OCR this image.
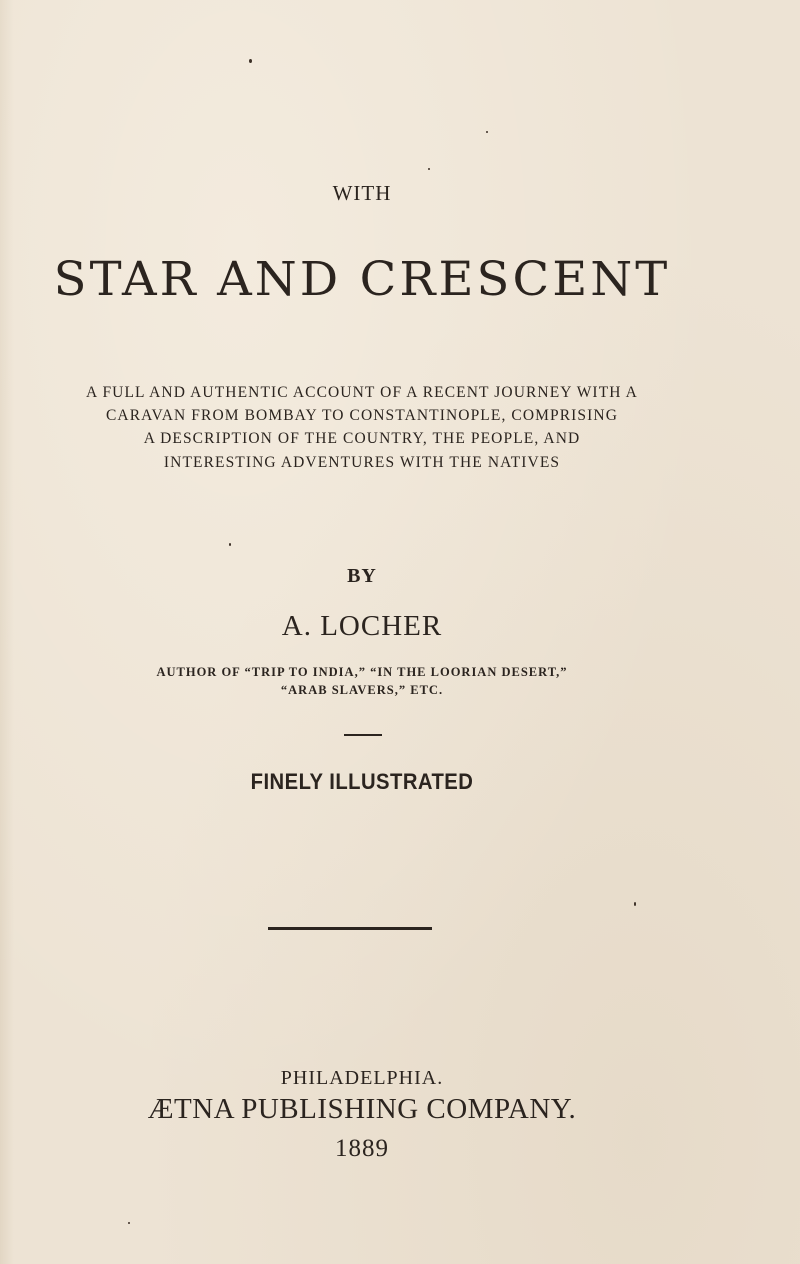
WITH
STAR AND CRESCENT
A FULL AND AUTHENTIC ACCOUNT OF A RECENT JOURNEY WITH A
CARAVAN FROM BOMBAY TO CONSTANTINOPLE, COMPRISING
A DESCRIPTION OF THE COUNTRY, THE PEOPLE, AND
INTERESTING ADVENTURES WITH THE NATIVES
BY
A. LOCHER
AUTHOR OF “TRIP TO INDIA,” “IN THE LOORIAN DESERT,”
“ARAB SLAVERS,” ETC.
FINELY ILLUSTRATED
PHILADELPHIA.
ÆTNA PUBLISHING COMPANY.
1889
